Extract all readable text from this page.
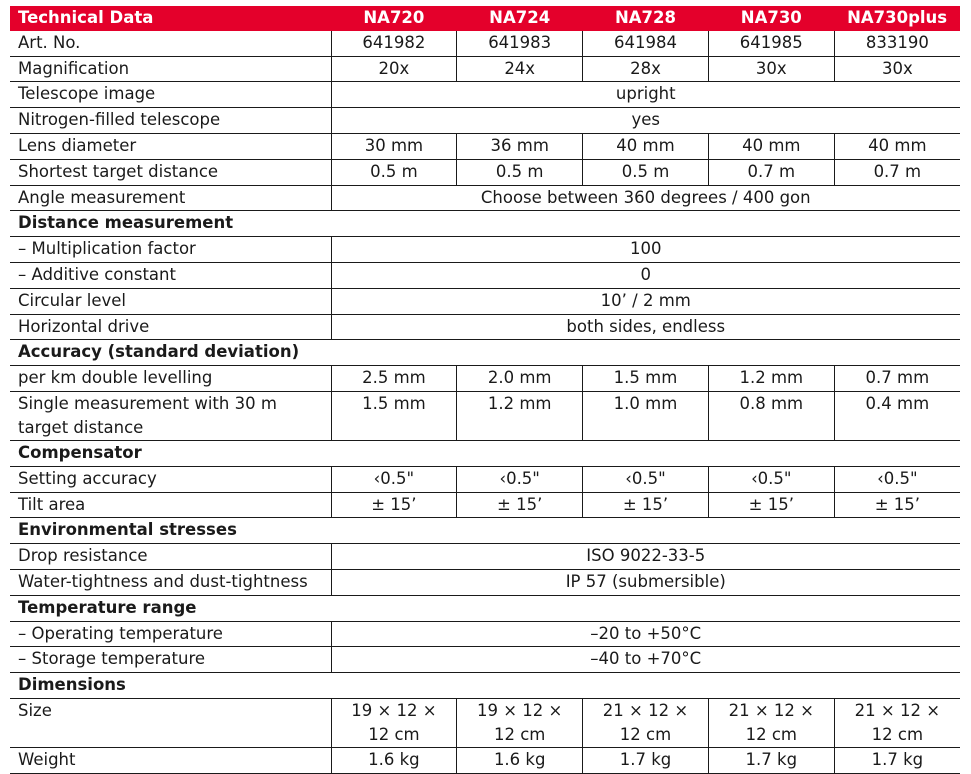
Technical Data	NA720	NA724	NA728	NA730	NA730plus
Art. No.	641982	641983	641984	641985	833190
Magnification	20x	24x	28x	30x	30x
Telescope image	upright				
Nitrogen-filled telescope	yes				
Lens diameter	30 mm	36 mm	40 mm	40 mm	40 mm
Shortest target distance	0.5 m	0.5 m	0.5 m	0.7 m	0.7 m
Angle measurement	Choose between 360 degrees / 400 gon				
Distance measurement					
– Multiplication factor	100				
– Additive constant	0				
Circular level	10’ / 2 mm				
Horizontal drive	both sides, endless				
Accuracy (standard deviation)					
per km double levelling	2.5 mm	2.0 mm	1.5 mm	1.2 mm	0.7 mm
Single measurement with 30 m target distance	1.5 mm	1.2 mm	1.0 mm	0.8 mm	0.4 mm
Compensator					
Setting accuracy	‹0.5"	‹0.5"	‹0.5"	‹0.5"	‹0.5"
Tilt area	± 15’	± 15’	± 15’	± 15’	± 15’
Environmental stresses					
Drop resistance	ISO 9022-33-5				
Water-tightness and dust-tightness	IP 57 (submersible)				
Temperature range					
– Operating temperature	–20 to +50°C				
– Storage temperature	–40 to +70°C				
Dimensions					
Size	19 × 12 × 12 cm	19 × 12 × 12 cm	21 × 12 × 12 cm	21 × 12 × 12 cm	21 × 12 × 12 cm
Weight	1.6 kg	1.6 kg	1.7 kg	1.7 kg	1.7 kg
